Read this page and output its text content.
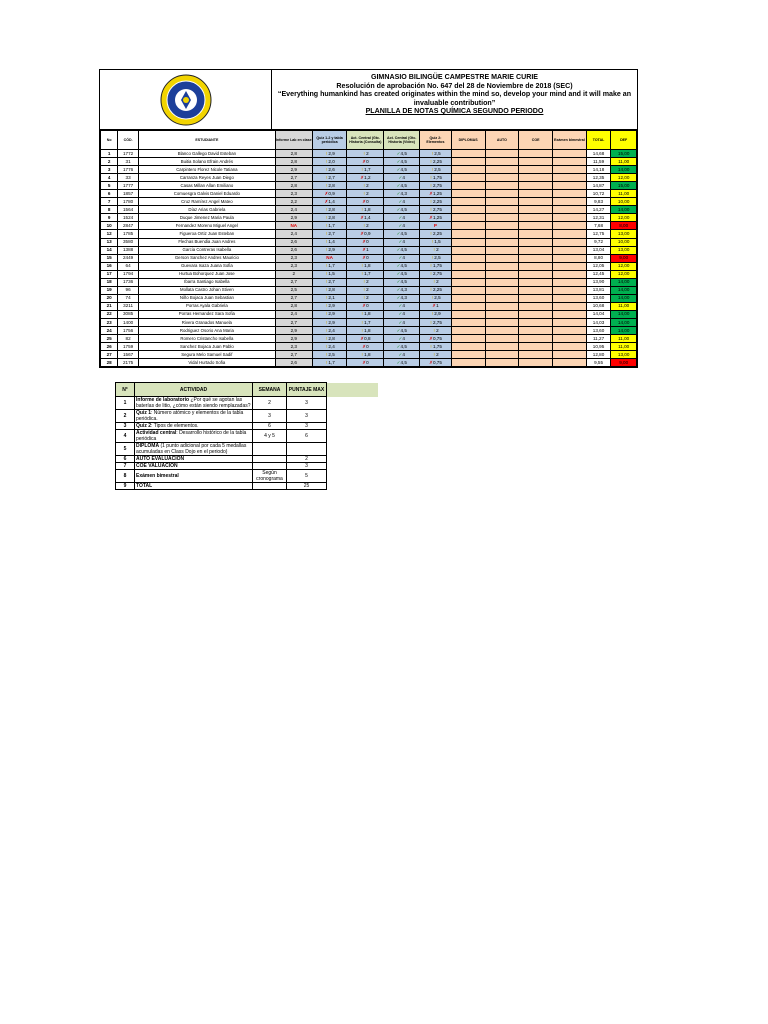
GIMNASIO BILINGÜE CAMPESTRE MARIE CURIE
Resolución de aprobación No. 647 del 28 de Noviembre de 2018 (SEC)
“Everything humankind has created originates within the mind so, develop your mind and it will make an invaluable contribution”
PLANILLA DE NOTAS QUÍMICA SEGUNDO PERIODO
No	CÓD.	ESTUDIANTE	Informe Lab en clase	Quiz 1-2 y tabla periódica	Act. Central (Gtc. Historia (Consulta)	Act. Central (Gtc. Historia (Video)	Quiz 2: Elementos	DIPLOMAS	AUTO	COE	Exámen bimestral	TOTAL	DEF
1	1772	Blanco Gallego David Esteban	2,8	!2,9	!2	✓4,5	!2,5					14,68	15,00
2	31	Buitia Solano Efrain Andrés	2,8	!2,0	✗0	✓4,5	!2,25					11,59	11,00
3	1776	Carpintero Florez Nicole Tatiana	2,9	!2,6	!1,7	✓4,5	!2,5					14,18	14,00
4	33	Carranza Reyes Juan Diego	2,7	!2,7	✗1,2	✓4	!1,75					12,35	12,00
5	1777	Casas Millan Allan Emiliano	2,8	!2,8	!2	✓4,5	!2,75					14,87	15,00
6	1857	Comuesgra Galvis Daniel Eduardo	2,3	✗0,9	!2	✓4,3	✗1,25					10,72	11,00
7	1780	Cruz Ramírez Angel Mateo	2,2	✗1,4	✗0	✓4	!2,25					9,83	10,00
8	1564	Díaz Arias Gabriela	2,4	!2,8	!1,8	✓4,5	!2,75					14,27	14,00
9	1524	Duque Jimenez Maria Paula	2,9	!2,8	✗1,4	✓4	✗1,25					12,31	12,00
10	2847	Fernandez Moreno Miguel Angel	NA	!1,7	!2	✓4	P					7,68	8,00
12	1785	Figueroa Ortiz Juan Esteban	2,4	!2,7	✗0,9	✓4,5	!2,25					12,75	13,00
13	3580	Flechas Buendia Juan Andres	2,6	!1,4	✗0	✓4	!1,5					9,72	10,00
14	1388	Garcia Contreras Isabella	2,6	!2,9	✗1	✓4,5	!2					13,04	13,00
15	2449	Gerson Sanchez Andres Mauricio	2,3	NA	✗0	✓4	!2,5					8,80	9,00
16	64	Guevara Isaza Juana Sofia	2,3	!1,7	!1,8	✓4,5	!1,75					12,05	12,00
17	1794	Hurtua Bohorquez Juan Jose	2	!1,5	!1,7	✓4,5	!2,75					12,45	12,00
18	1736	Ibarra Santiago Isabella	2,7	!2,7	!2	✓4,5	!2					13,90	14,00
19	96	Mollata Castro Johan Stiven	2,5	!2,8	!2	✓4,3	!2,25					13,81	14,00
20	74	Niño Bojaca Juan Sebastian	2,7	!2,1	!2	✓4,3	!2,5					13,60	14,00
21	3211	Porras Ayala Gabriela	2,8	!2,9	✗0	✓4	✗1					10,68	11,00
22	3085	Porras Hernandez Sara Sofia	2,4	!2,9	!1,8	✓4	!2,9					14,04	14,00
23	1400	Rivera Granados Manuela	2,7	!2,9	!1,7	✓4	!2,75					14,03	14,00
24	1756	Rodriguez Osorio Ana Maria	2,9	!2,4	!1,8	✓4,5	!2					13,60	14,00
25	82	Romero Cristancho Isabella	2,9	!2,8	✗0,8	✓4	✗0,75					11,27	11,00
26	1759	Sanchez Bojaca Juan Pablo	2,3	!2,4	✗0	✓4,5	!1,75					10,95	11,00
27	1567	Segura Melo Samuel Sadif	2,7	!2,5	!1,8	✓4	!2					12,80	13,00
28	2175	Vidal Hurtado Sofia	2,6	!1,7	✗0	✓4,5	✗0,75					9,55	9,00
N°	ACTIVIDAD	SEMANA	PUNTAJE MAX	
1	Informe de laboratorio ¿Por qué se agotan las baterías de litio, ¿cómo están siendo remplazadas?	2	3	
2	Quiz 1: Número atómico y elementos de la tabla periódica.	3	3	
3	Quiz 2: Tipos de elementos.	6	3	
4	Actividad central: Desarrollo histórico de la tabla periódica	4 y 5	6	
5	DIPLOMA (1 punto adicional por cada 5 medallas acumuladas en Class Dojo en el periodo)			
6	AUTO EVALUACIÓN		2	
7	COE VALUACIÓN		3	
8	Exámen bimestral	Según cronograma	5	
9	TOTAL		25	
